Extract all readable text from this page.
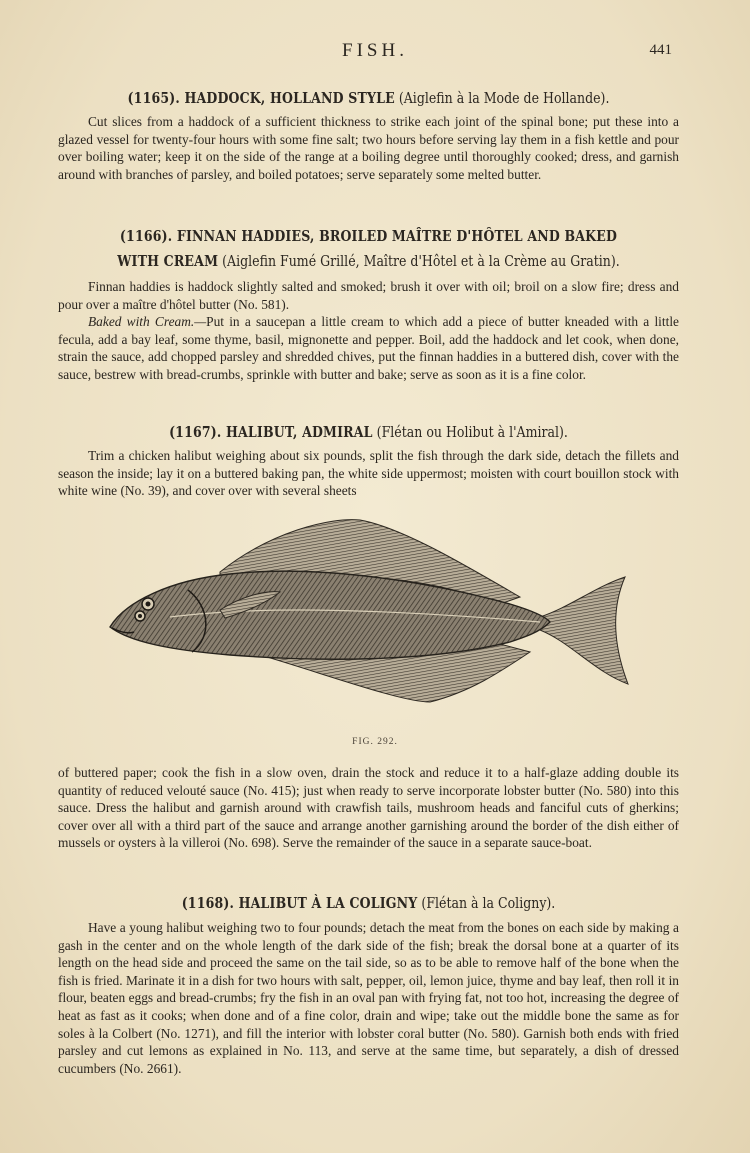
FISH.	441

(1165). HADDOCK, HOLLAND STYLE (Aiglefin à la Mode de Hollande).

Cut slices from a haddock of a sufficient thickness to strike each joint of the spinal bone; put these into a glazed vessel for twenty-four hours with some fine salt; two hours before serving lay them in a fish kettle and pour over boiling water; keep it on the side of the range at a boiling degree until thoroughly cooked; dress, and garnish around with branches of parsley, and boiled potatoes; serve separately some melted butter.

(1166). FINNAN HADDIES, BROILED MAÎTRE D'HÔTEL AND BAKED WITH CREAM (Aiglefin Fumé Grillé, Maître d'Hôtel et à la Crème au Gratin).

Finnan haddies is haddock slightly salted and smoked; brush it over with oil; broil on a slow fire; dress and pour over a maître d'hôtel butter (No. 581).

Baked with Cream.—Put in a saucepan a little cream to which add a piece of butter kneaded with a little fecula, add a bay leaf, some thyme, basil, mignonette and pepper. Boil, add the haddock and let cook, when done, strain the sauce, add chopped parsley and shredded chives, put the finnan haddies in a buttered dish, cover with the sauce, bestrew with bread-crumbs, sprinkle with butter and bake; serve as soon as it is a fine color.

(1167). HALIBUT, ADMIRAL (Flétan ou Holibut à l'Amiral).

Trim a chicken halibut weighing about six pounds, split the fish through the dark side, detach the fillets and season the inside; lay it on a buttered baking pan, the white side uppermost; moisten with court bouillon stock with white wine (No. 39), and cover over with several sheets

FIG. 292.

of buttered paper; cook the fish in a slow oven, drain the stock and reduce it to a half-glaze adding double its quantity of reduced velouté sauce (No. 415); just when ready to serve incorporate lobster butter (No. 580) into this sauce. Dress the halibut and garnish around with crawfish tails, mushroom heads and fanciful cuts of gherkins; cover over all with a third part of the sauce and arrange another garnishing around the border of the dish either of mussels or oysters à la villeroi (No. 698). Serve the remainder of the sauce in a separate sauce-boat.

(1168). HALIBUT À LA COLIGNY (Flétan à la Coligny).

Have a young halibut weighing two to four pounds; detach the meat from the bones on each side by making a gash in the center and on the whole length of the dark side of the fish; break the dorsal bone at a quarter of its length on the head side and proceed the same on the tail side, so as to be able to remove half of the bone when the fish is fried. Marinate it in a dish for two hours with salt, pepper, oil, lemon juice, thyme and bay leaf, then roll it in flour, beaten eggs and bread-crumbs; fry the fish in an oval pan with frying fat, not too hot, increasing the degree of heat as fast as it cooks; when done and of a fine color, drain and wipe; take out the middle bone the same as for soles à la Colbert (No. 1271), and fill the interior with lobster coral butter (No. 580). Garnish both ends with fried parsley and cut lemons as explained in No. 113, and serve at the same time, but separately, a dish of dressed cucumbers (No. 2661).
